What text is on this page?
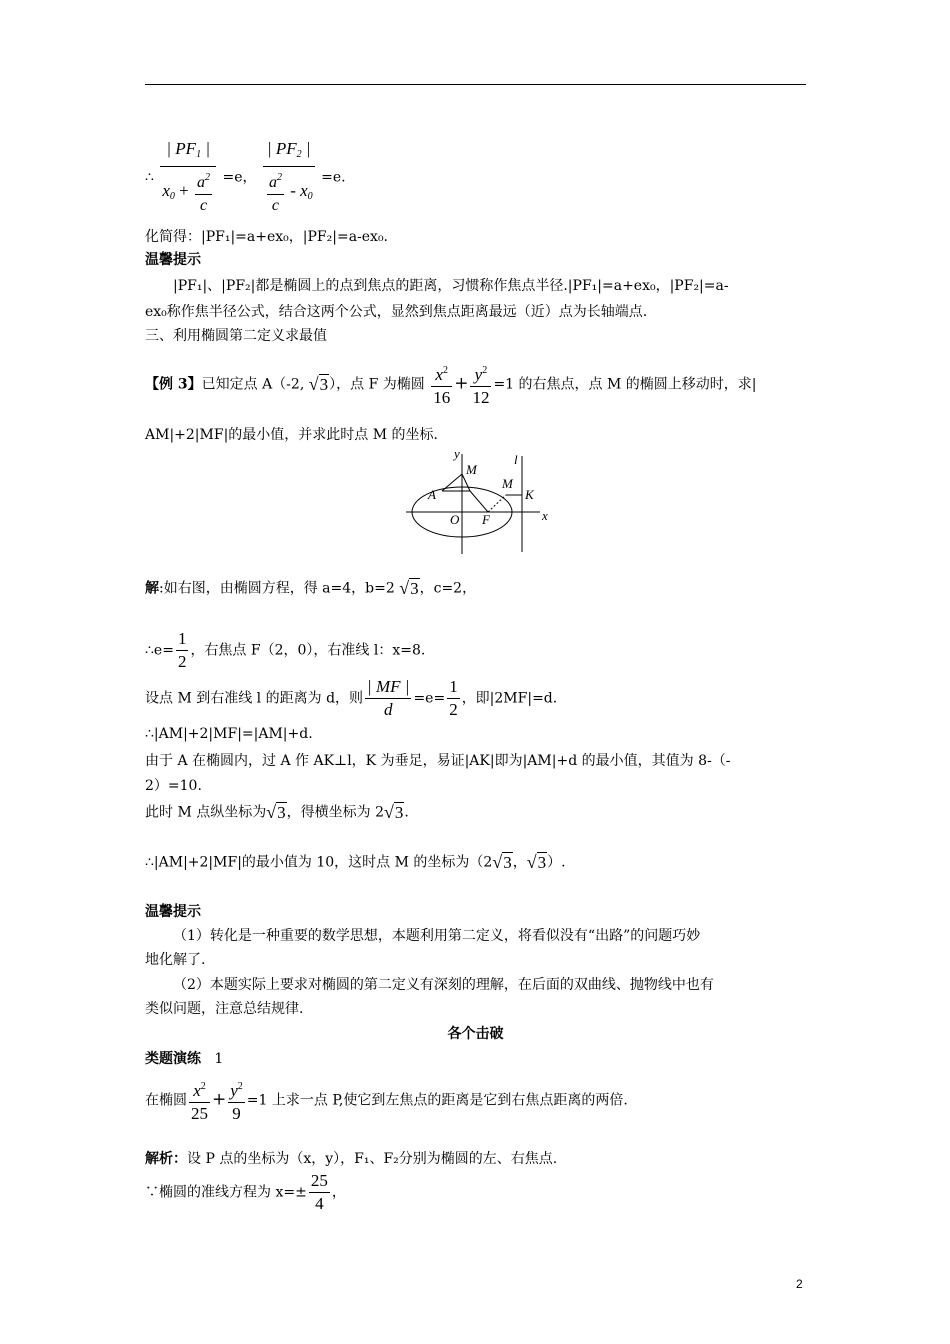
∴ $\frac{| PF_1 |}{x_0 + \frac{a^2}{c}} =e$， $\frac{| PF_2 |}{\frac{a^2}{c} - x_0} =e$.
化简得：|PF₁|=a+ex₀，|PF₂|=a-ex₀.
温馨提示
|PF₁|、|PF₂|都是椭圆上的点到焦点的距离，习惯称作焦点半径.|PF₁|=a+ex₀，|PF₂|=a-
ex₀称作焦半径公式，结合这两个公式，显然到焦点距离最远（近）点为长轴端点.
三、利用椭圆第二定义求最值
【例 3】已知定点 A（-2, √3），点 F 为椭圆 $\frac{x^2}{16} + \frac{y^2}{12} =1$ 的右焦点，点 M 的椭圆上移动时，求|
AM|+2|MF|的最小值，并求此时点 M 的坐标.
y
x
l
M
M
A	K
O F
解:如右图，由椭圆方程，得 a=4，b=2 √3，c=2，
∴e= $\frac{1}{2}$ ，右焦点 F（2，0），右准线 l：x=8.
设点 M 到右准线 l 的距离为 d，则 $\frac{| MF |}{d} =e= \frac{1}{2}$ ，即|2MF|=d.
∴|AM|+2|MF|=|AM|+d.
由于 A 在椭圆内，过 A 作 AK⊥l，K 为垂足，易证|AK|即为|AM|+d 的最小值，其值为 8-（-
2）=10.
此时 M 点纵坐标为√3，得横坐标为 2√3.
∴|AM|+2|MF|的最小值为 10，这时点 M 的坐标为（2√3，√3）.
温馨提示
（1）转化是一种重要的数学思想，本题利用第二定义，将看似没有“出路”的问题巧妙
地化解了.
（2）本题实际上要求对椭圆的第二定义有深刻的理解，在后面的双曲线、抛物线中也有
类似问题，注意总结规律.
各个击破
类题演练 1
在椭圆 $\frac{x^2}{25} + \frac{y^2}{9} =1$ 上求一点 P,使它到左焦点的距离是它到右焦点距离的两倍.
解析：设 P 点的坐标为（x，y），F₁、F₂分别为椭圆的左、右焦点.
∵椭圆的准线方程为 $x=\pm \frac{25}{4}$ ，
2
